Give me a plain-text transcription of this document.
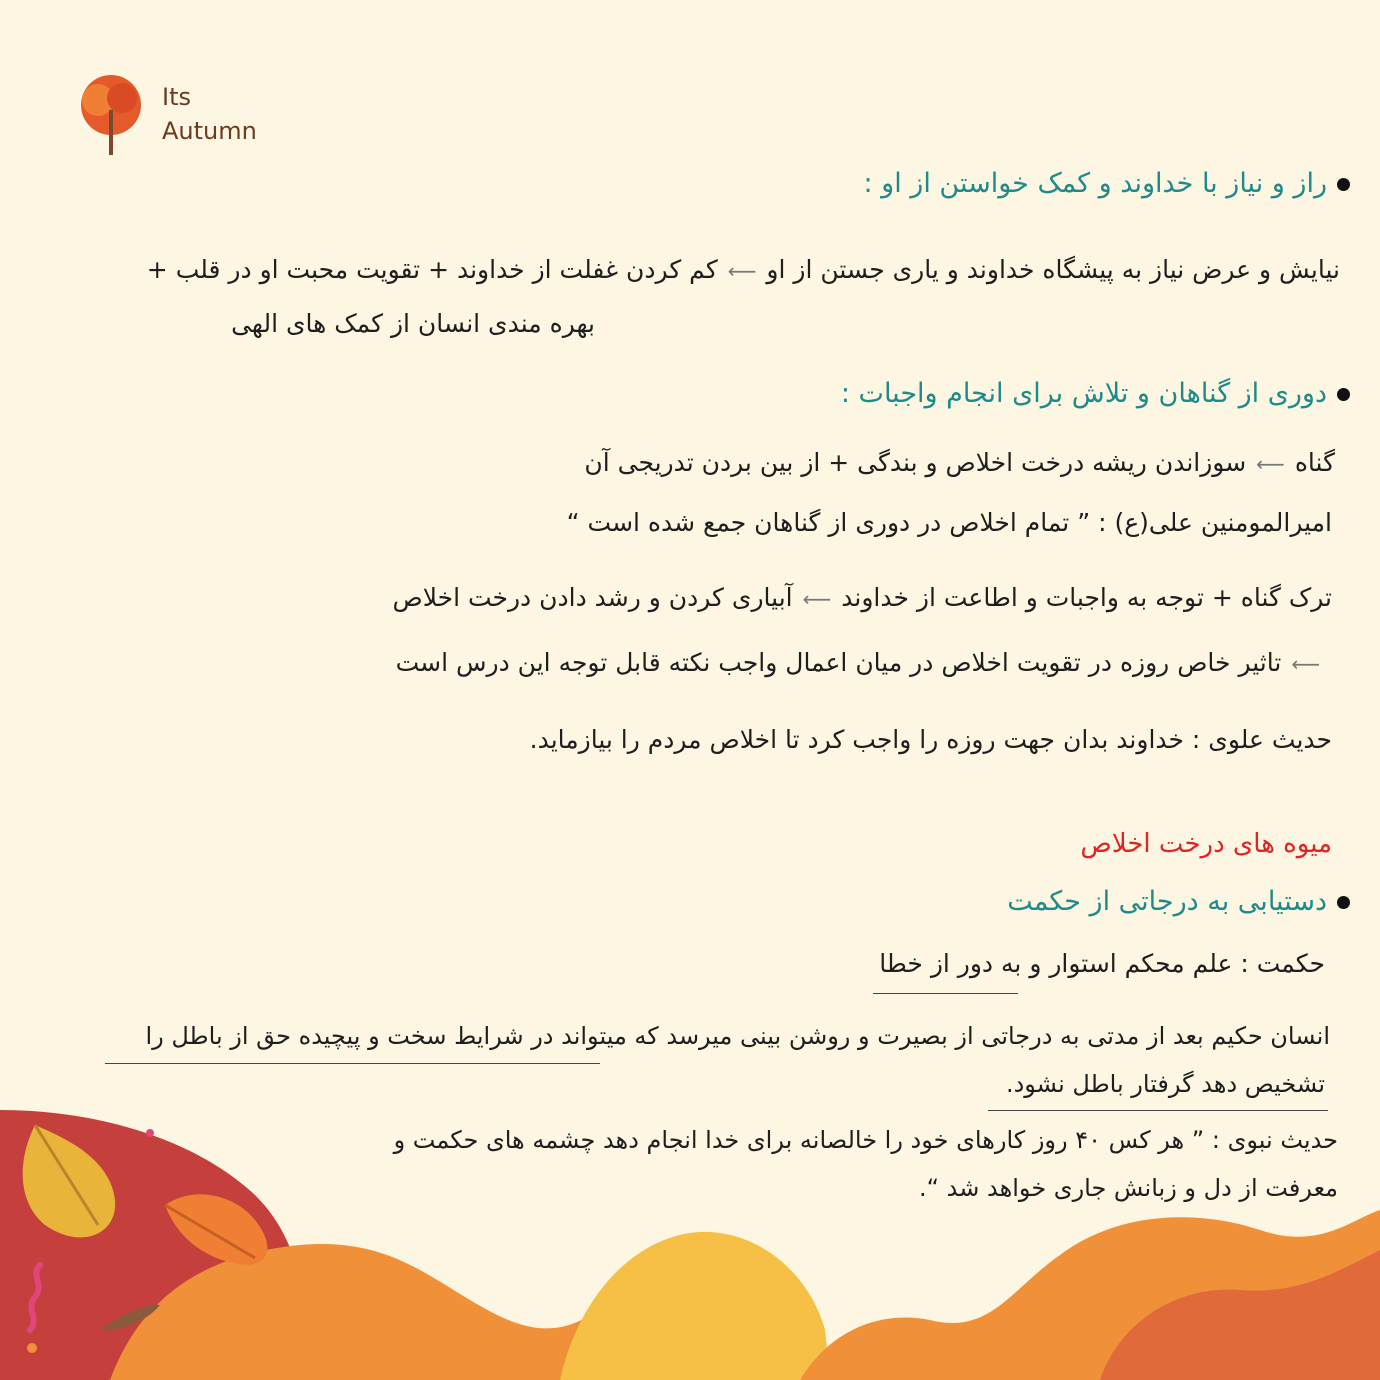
Its
Autumn
راز و نیاز با خداوند و کمک خواستن از او :
نیایش و عرض نیاز به پیشگاه خداوند و یاری جستن از او⟵کم کردن غفلت از خداوند + تقویت محبت او در قلب +
بهره مندی انسان از کمک های الهی
دوری از گناهان و تلاش برای انجام واجبات :
گناه⟵سوزاندن ریشه درخت اخلاص و بندگی + از بین بردن تدریجی آن
امیرالمومنین علی(ع) : ” تمام اخلاص در دوری از گناهان جمع شده است “
ترک گناه + توجه به واجبات و اطاعت از خداوند⟵آبیاری کردن و رشد دادن درخت اخلاص
⟵تاثیر خاص روزه در تقویت اخلاص در میان اعمال واجب نکته قابل توجه این درس است
حدیث علوی : خداوند بدان جهت روزه را واجب کرد تا اخلاص مردم را بیازماید.
میوه های درخت اخلاص
دستیابی به درجاتی از حکمت
حکمت : علم محکم استوار و به دور از خطا
انسان حکیم بعد از مدتی به درجاتی از بصیرت و روشن بینی میرسد که میتواند در شرایط سخت و پیچیده حق از باطل را
تشخیص دهد گرفتار باطل نشود.
حدیث نبوی : ” هر کس ۴۰ روز کارهای خود را خالصانه برای خدا انجام دهد چشمه های حکمت و
معرفت از دل و زبانش جاری خواهد شد “.
